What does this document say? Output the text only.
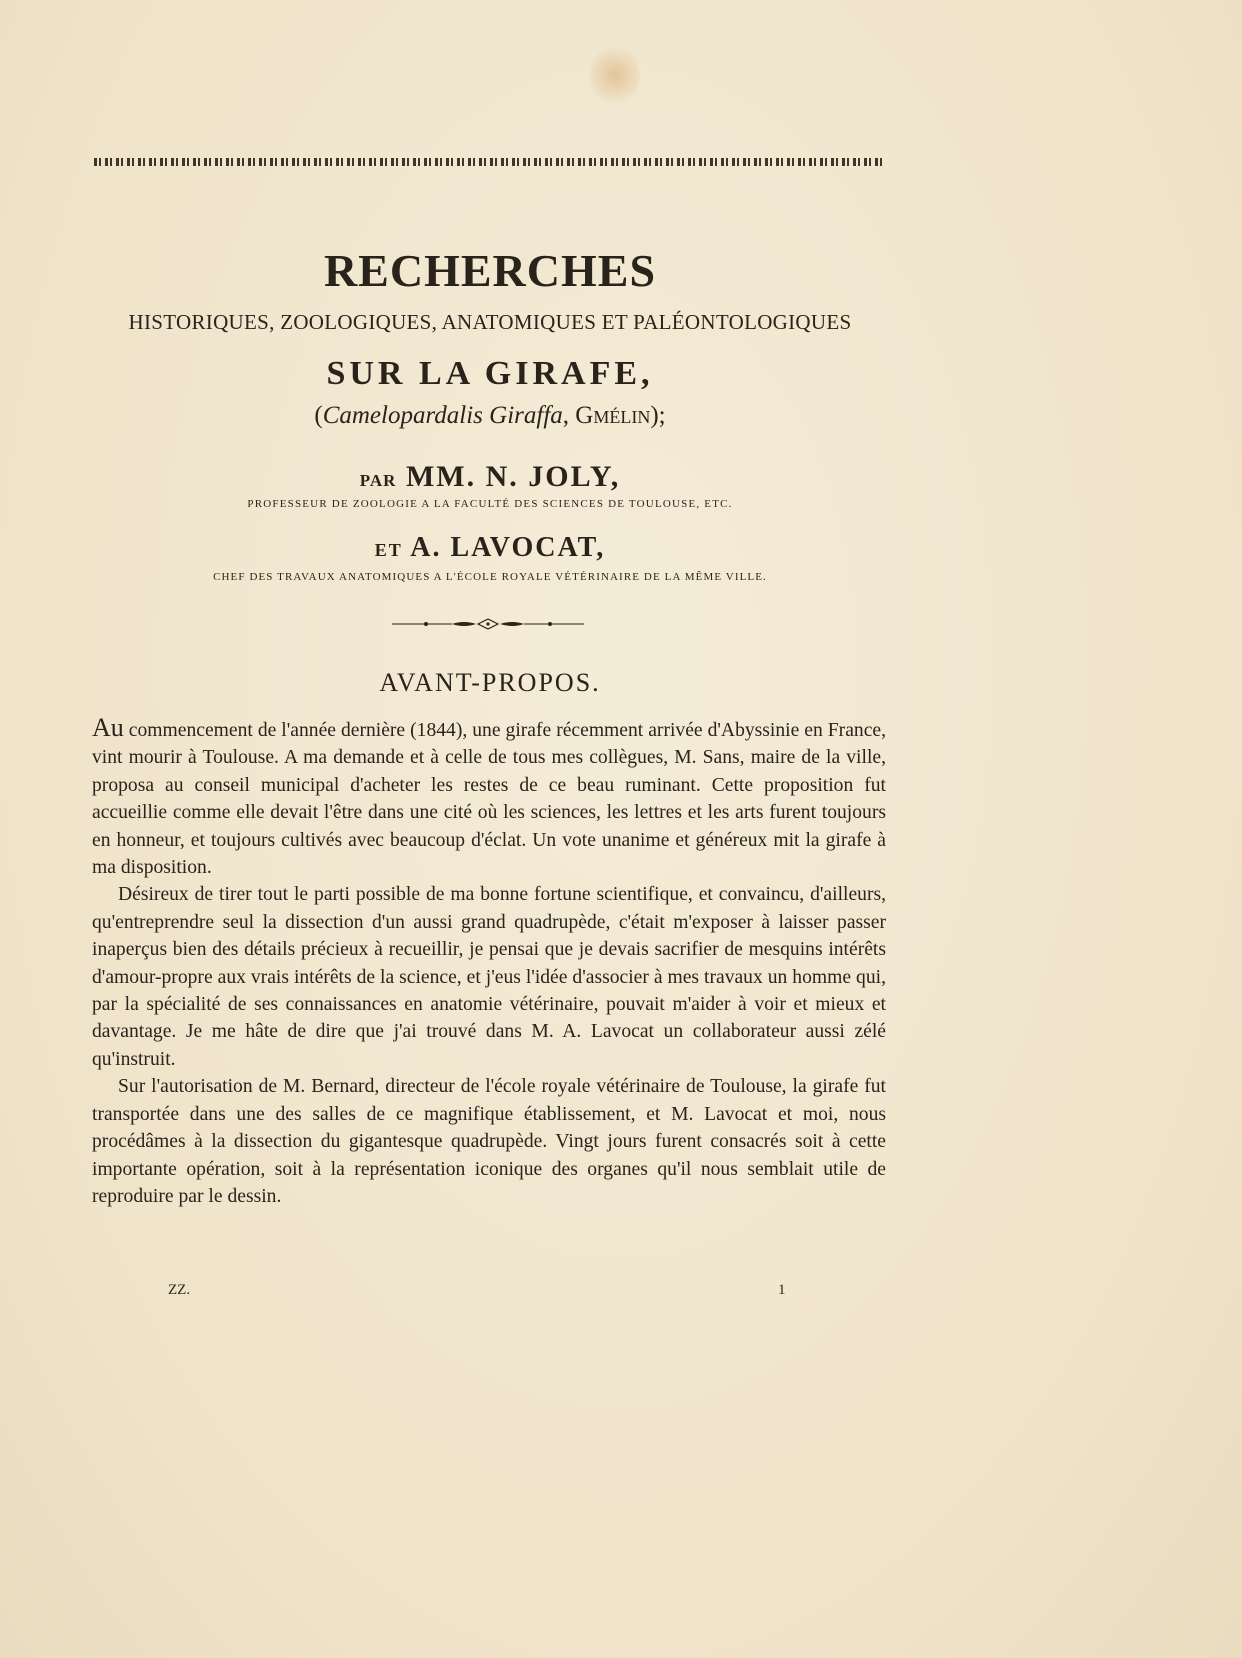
RECHERCHES
HISTORIQUES, ZOOLOGIQUES, ANATOMIQUES ET PALÉONTOLOGIQUES
SUR LA GIRAFE,
(Camelopardalis Giraffa, Gmélin);
PAR MM. N. JOLY,
PROFESSEUR DE ZOOLOGIE A LA FACULTÉ DES SCIENCES DE TOULOUSE, ETC.
ET A. LAVOCAT,
CHEF DES TRAVAUX ANATOMIQUES A L'ÉCOLE ROYALE VÉTÉRINAIRE DE LA MÊME VILLE.
AVANT-PROPOS.

Au commencement de l'année dernière (1844), une girafe récemment arrivée d'Abyssinie en France, vint mourir à Toulouse. A ma demande et à celle de tous mes collègues, M. Sans, maire de la ville, proposa au conseil municipal d'acheter les restes de ce beau ruminant. Cette proposition fut accueillie comme elle devait l'être dans une cité où les sciences, les lettres et les arts furent toujours en honneur, et toujours cultivés avec beaucoup d'éclat. Un vote unanime et généreux mit la girafe à ma disposition.

Désireux de tirer tout le parti possible de ma bonne fortune scientifique, et convaincu, d'ailleurs, qu'entreprendre seul la dissection d'un aussi grand quadrupède, c'était m'exposer à laisser passer inaperçus bien des détails précieux à recueillir, je pensai que je devais sacrifier de mesquins intérêts d'amour-propre aux vrais intérêts de la science, et j'eus l'idée d'associer à mes travaux un homme qui, par la spécialité de ses connaissances en anatomie vétérinaire, pouvait m'aider à voir et mieux et davantage. Je me hâte de dire que j'ai trouvé dans M. A. Lavocat un collaborateur aussi zélé qu'instruit.

Sur l'autorisation de M. Bernard, directeur de l'école royale vétérinaire de Toulouse, la girafe fut transportée dans une des salles de ce magnifique établissement, et M. Lavocat et moi, nous procédâmes à la dissection du gigantesque quadrupède. Vingt jours furent consacrés soit à cette importante opération, soit à la représentation iconique des organes qu'il nous semblait utile de reproduire par le dessin.

ZZ.	1
